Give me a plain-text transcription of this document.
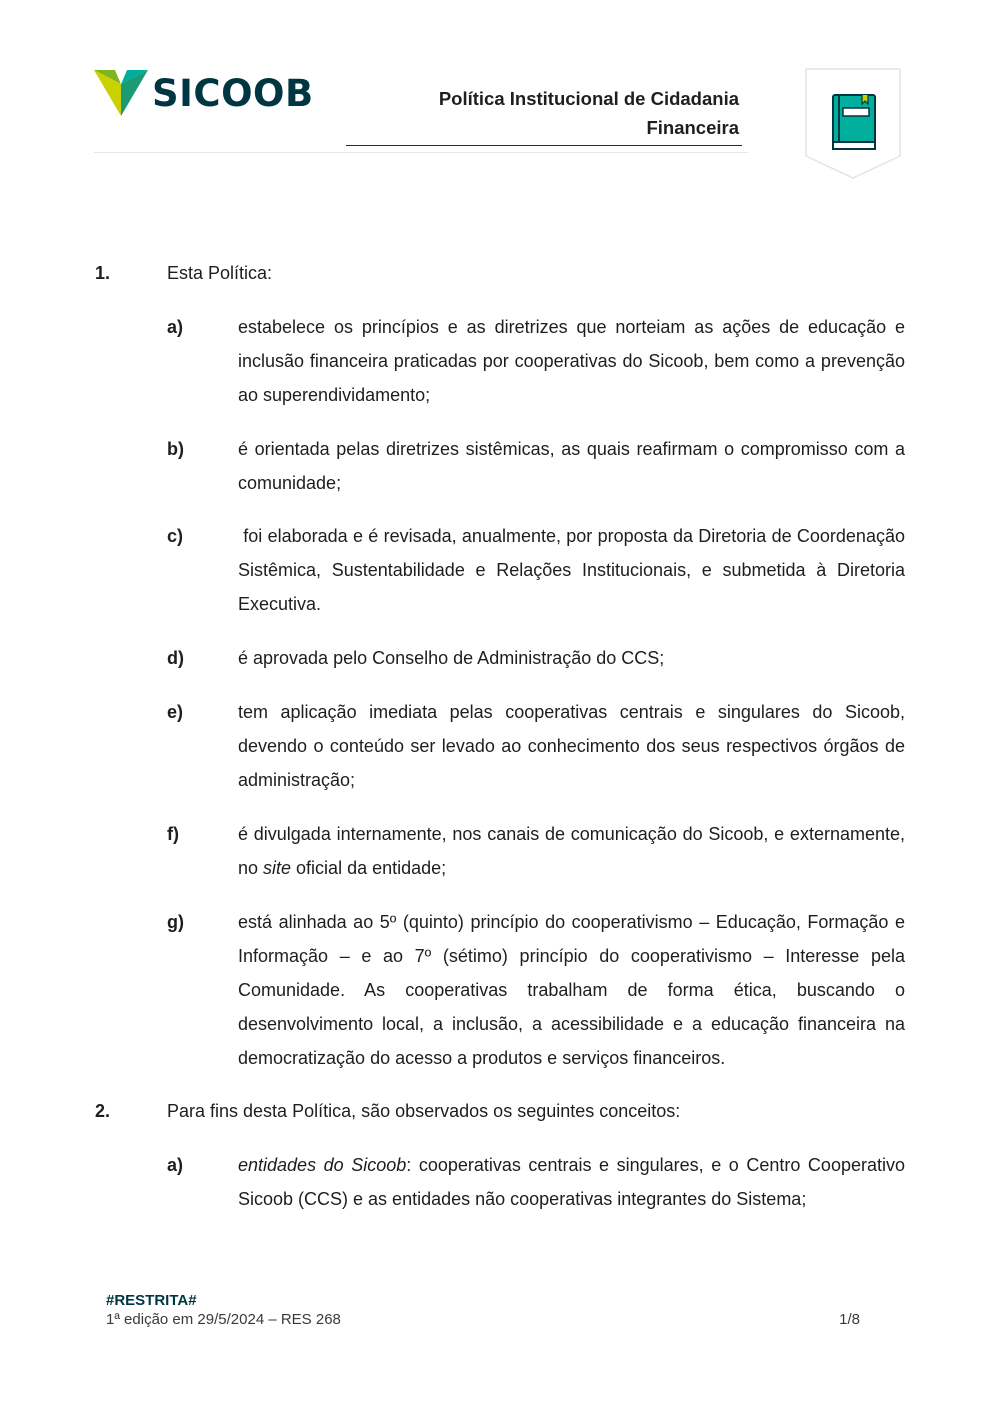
SICOOB	Política Institucional de Cidadania
Financeira
1.	Esta Política:
a)	estabelece os princípios e as diretrizes que norteiam as ações de educação e inclusão financeira praticadas por cooperativas do Sicoob, bem como a prevenção ao superendividamento;
b)	é orientada pelas diretrizes sistêmicas, as quais reafirmam o compromisso com a comunidade;
c)	foi elaborada e é revisada, anualmente, por proposta da Diretoria de Coordenação Sistêmica, Sustentabilidade e Relações Institucionais, e submetida à Diretoria Executiva.
d)	é aprovada pelo Conselho de Administração do CCS;
e)	tem aplicação imediata pelas cooperativas centrais e singulares do Sicoob, devendo o conteúdo ser levado ao conhecimento dos seus respectivos órgãos de administração;
f)	é divulgada internamente, nos canais de comunicação do Sicoob, e externamente, no site oficial da entidade;
g)	está alinhada ao 5º (quinto) princípio do cooperativismo – Educação, Formação e Informação – e ao 7º (sétimo) princípio do cooperativismo – Interesse pela Comunidade. As cooperativas trabalham de forma ética, buscando o desenvolvimento local, a inclusão, a acessibilidade e a educação financeira na democratização do acesso a produtos e serviços financeiros.
2.	Para fins desta Política, são observados os seguintes conceitos:
a)	entidades do Sicoob: cooperativas centrais e singulares, e o Centro Cooperativo Sicoob (CCS) e as entidades não cooperativas integrantes do Sistema;
#RESTRITA#
1ª edição em 29/5/2024 – RES 268	1/8
